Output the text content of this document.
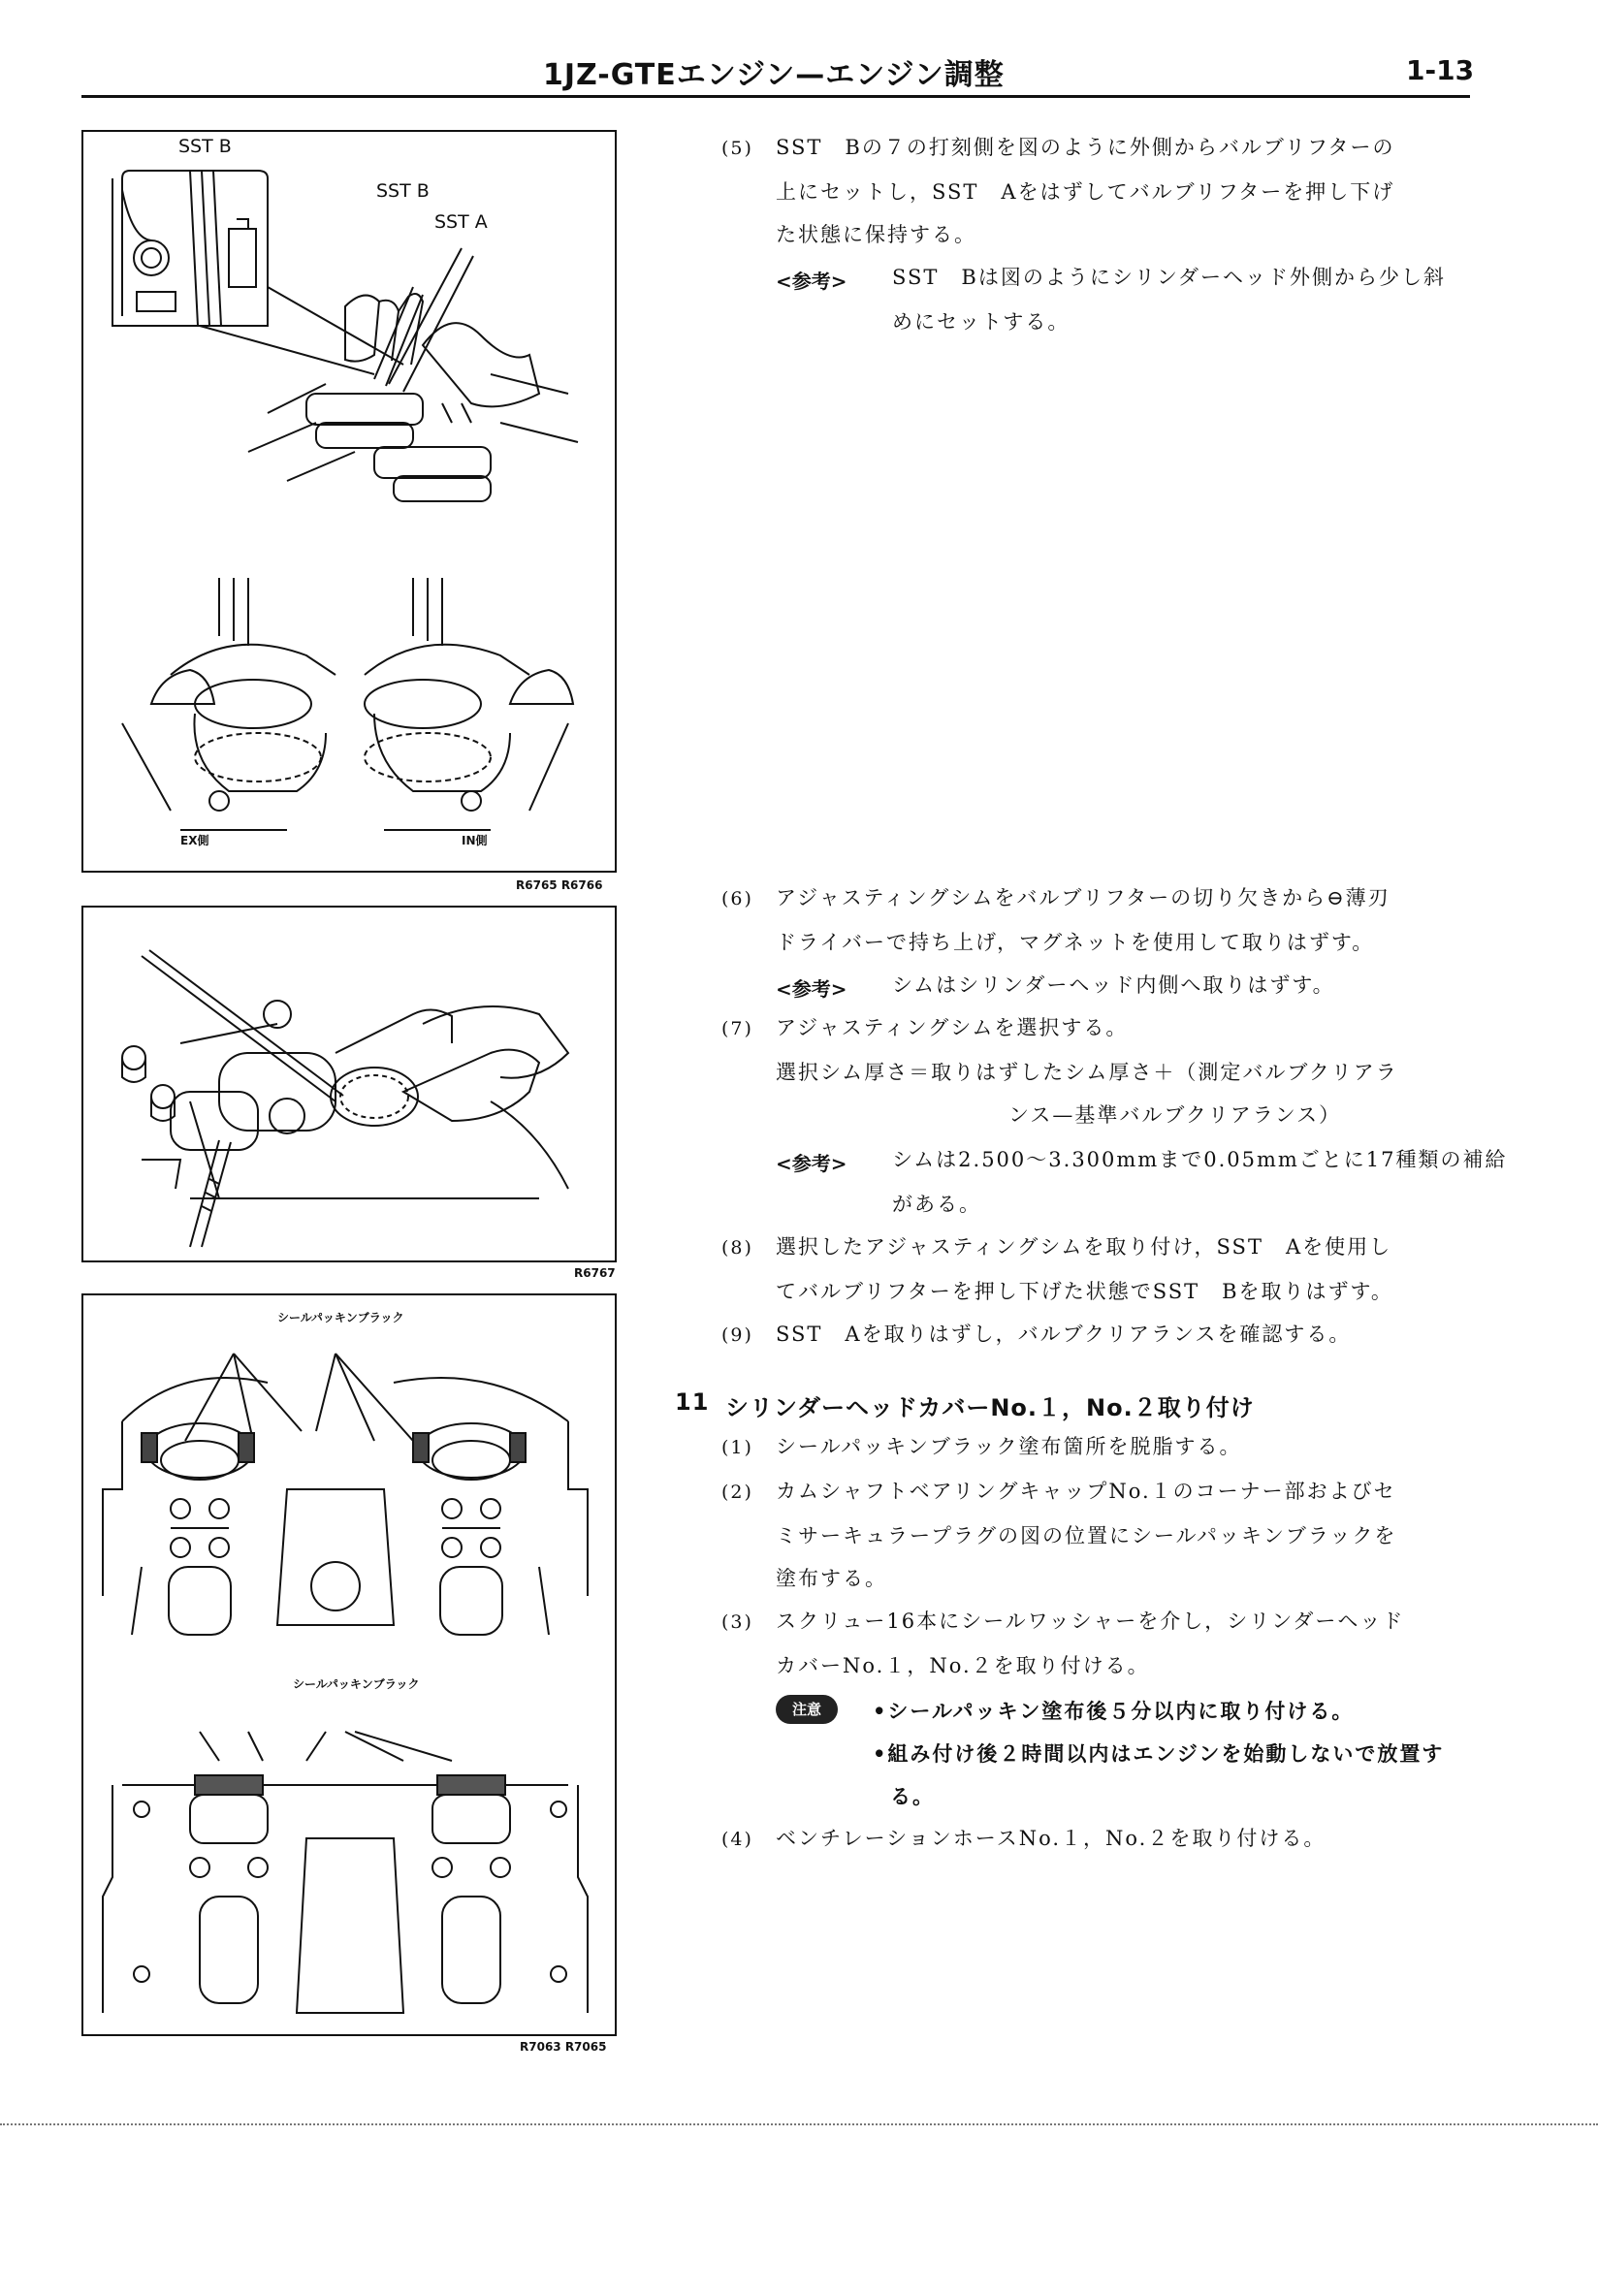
1JZ-GTEエンジン—エンジン調整	1-13
SST B
SST B
SST A
EX側	IN側
R6765 R6766
R6767
シールパッキンブラック
シールパッキンブラック
R7063 R7065
(5) SST　Bの７の打刻側を図のように外側からバルブリフターの
上にセットし，SST　Aをはずしてバルブリフターを押し下げ
た状態に保持する。
<参考> SST　Bは図のようにシリンダーヘッド外側から少し斜
めにセットする。
(6) アジャスティングシムをバルブリフターの切り欠きから⊖薄刃
ドライバーで持ち上げ，マグネットを使用して取りはずす。
<参考> シムはシリンダーヘッド内側へ取りはずす。
(7) アジャスティングシムを選択する。
選択シム厚さ＝取りはずしたシム厚さ＋（測定バルブクリアラ
ンス—基準バルブクリアランス）
<参考> シムは2.500〜3.300mmまで0.05mmごとに17種類の補給
がある。
(8) 選択したアジャスティングシムを取り付け，SST　Aを使用し
てバルブリフターを押し下げた状態でSST　Bを取りはずす。
(9) SST　Aを取りはずし，バルブクリアランスを確認する。
11 シリンダーヘッドカバーNo.１，No.２取り付け
(1) シールパッキンブラック塗布箇所を脱脂する。
(2) カムシャフトベアリングキャップNo.１のコーナー部およびセ
ミサーキュラープラグの図の位置にシールパッキンブラックを
塗布する。
(3) スクリュー16本にシールワッシャーを介し，シリンダーヘッド
カバーNo.１，No.２を取り付ける。
注意	•シールパッキン塗布後５分以内に取り付ける。
•組み付け後２時間以内はエンジンを始動しないで放置す
る。
(4) ベンチレーションホースNo.１，No.２を取り付ける。
